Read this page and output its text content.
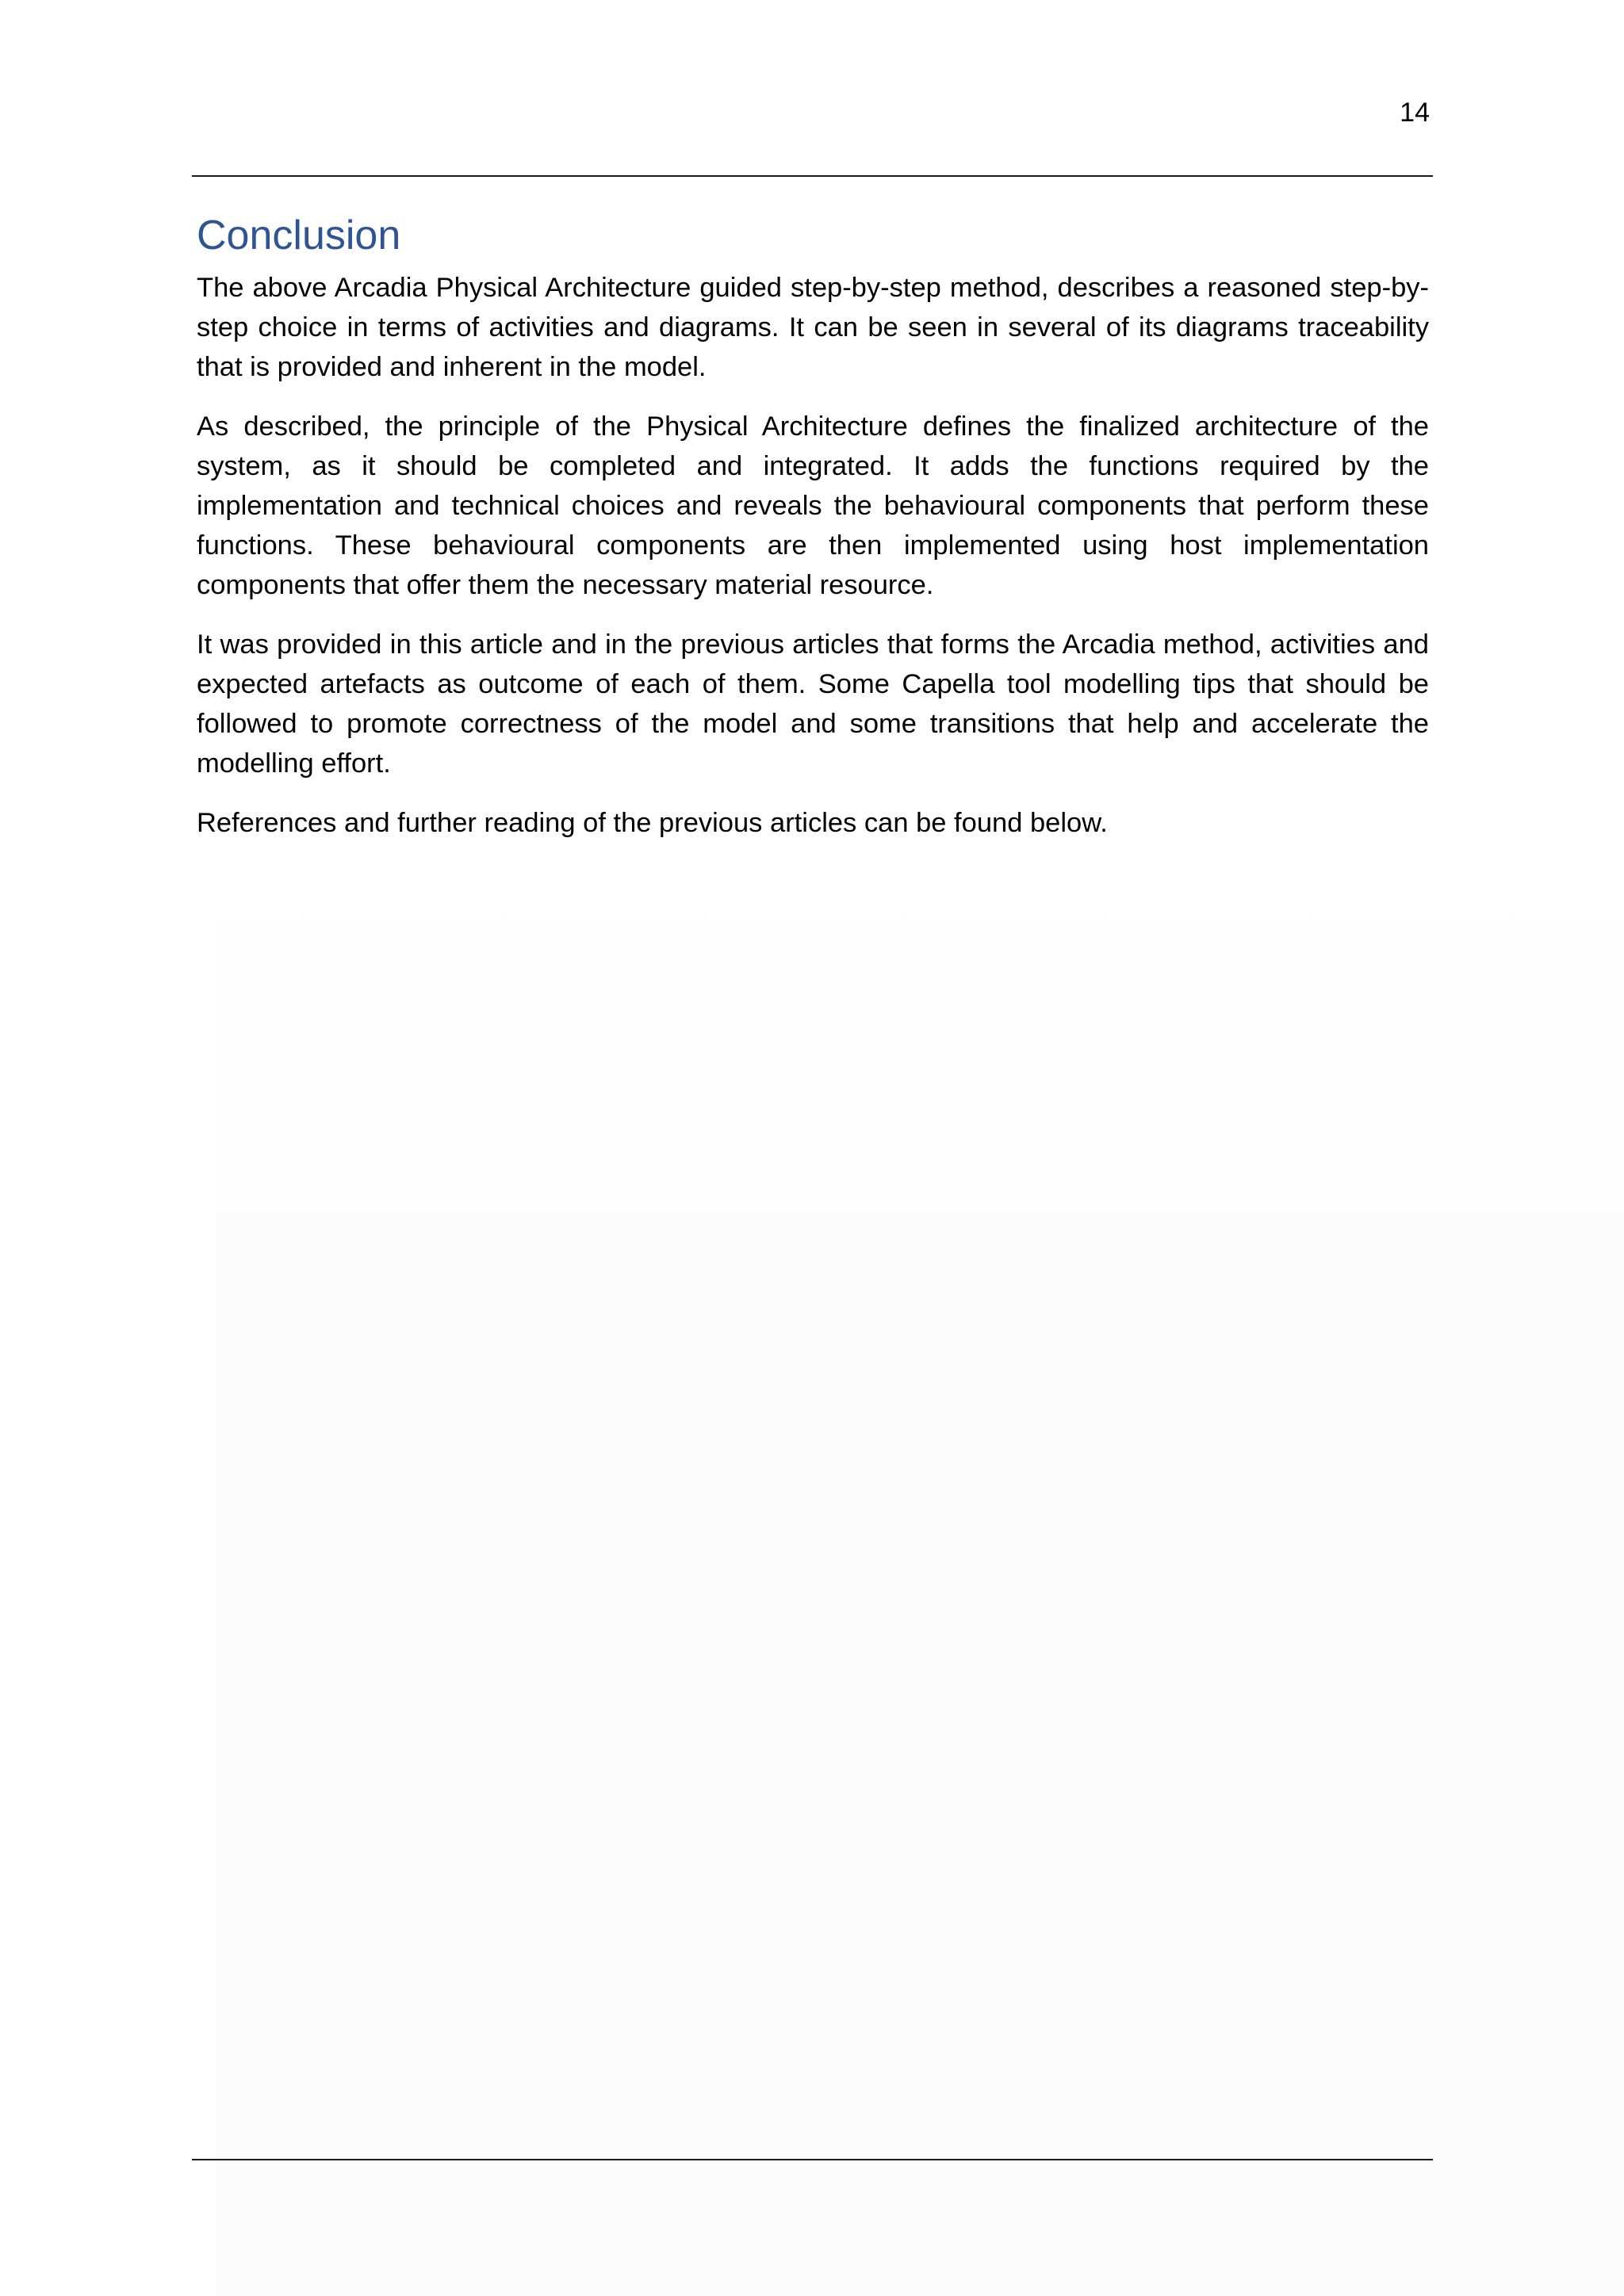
14
Conclusion

The above Arcadia Physical Architecture guided step-by-step method, describes a reasoned step-by-step choice in terms of activities and diagrams. It can be seen in several of its diagrams traceability that is provided and inherent in the model.

As described, the principle of the Physical Architecture defines the finalized architecture of the system, as it should be completed and integrated. It adds the functions required by the implementation and technical choices and reveals the behavioural components that perform these functions. These behavioural components are then implemented using host implementation components that offer them the necessary material resource.

It was provided in this article and in the previous articles that forms the Arcadia method, activities and expected artefacts as outcome of each of them. Some Capella tool modelling tips that should be followed to promote correctness of the model and some transitions that help and accelerate the modelling effort.

References and further reading of the previous articles can be found below.
